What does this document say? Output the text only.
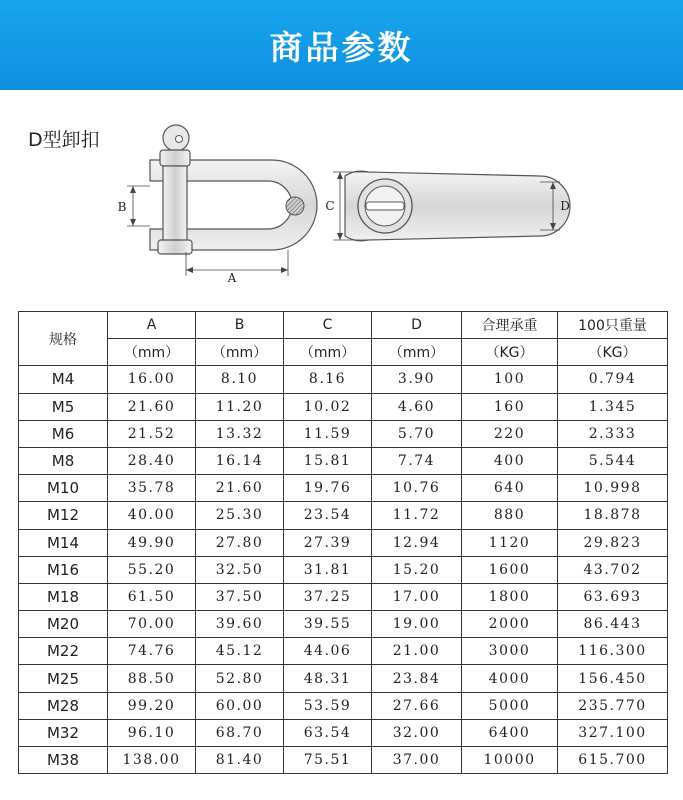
商品参数
D型卸扣
B
A
C	D
规格	A	B	C	D	合理承重	100只重量
	（mm）	（mm）	（mm）	（mm）	（KG）	（KG）
M4	16.00	8.10	8.16	3.90	100	0.794
M5	21.60	11.20	10.02	4.60	160	1.345
M6	21.52	13.32	11.59	5.70	220	2.333
M8	28.40	16.14	15.81	7.74	400	5.544
M10	35.78	21.60	19.76	10.76	640	10.998
M12	40.00	25.30	23.54	11.72	880	18.878
M14	49.90	27.80	27.39	12.94	1120	29.823
M16	55.20	32.50	31.81	15.20	1600	43.702
M18	61.50	37.50	37.25	17.00	1800	63.693
M20	70.00	39.60	39.55	19.00	2000	86.443
M22	74.76	45.12	44.06	21.00	3000	116.300
M25	88.50	52.80	48.31	23.84	4000	156.450
M28	99.20	60.00	53.59	27.66	5000	235.770
M32	96.10	68.70	63.54	32.00	6400	327.100
M38	138.00	81.40	75.51	37.00	10000	615.700
